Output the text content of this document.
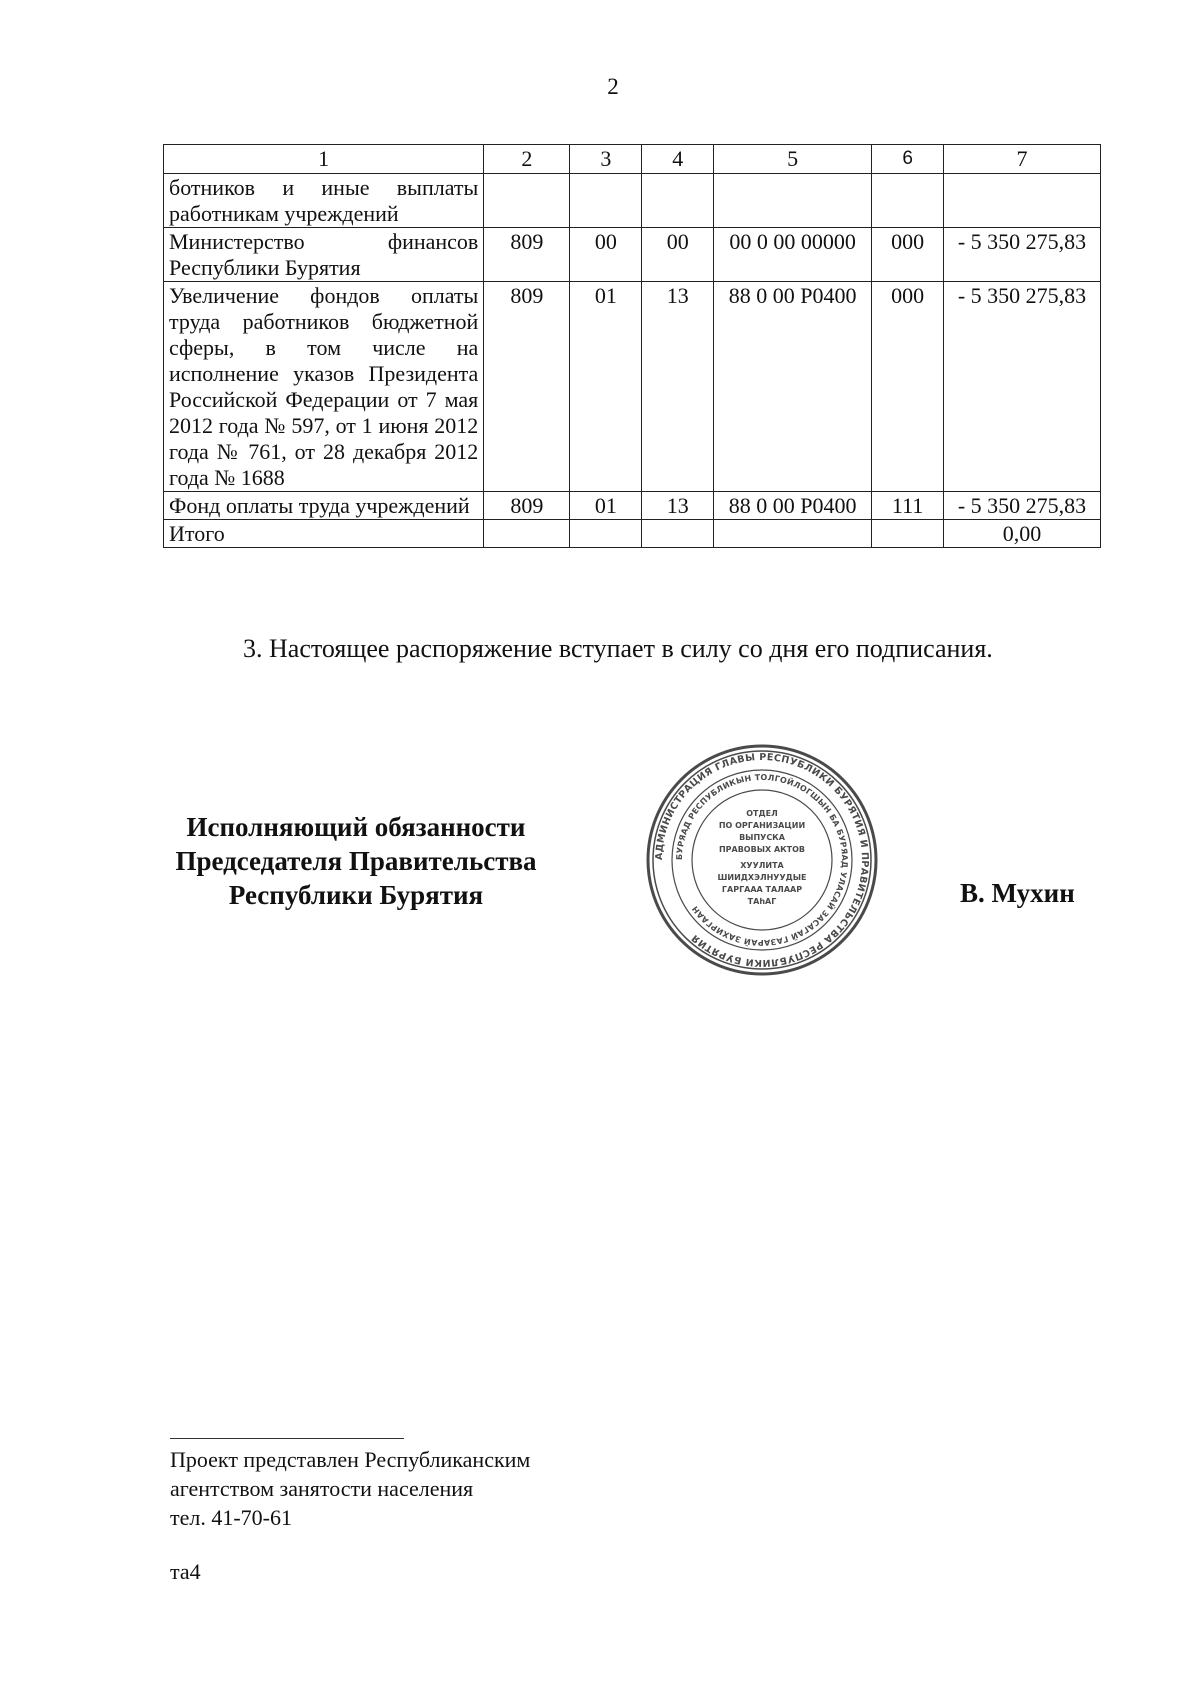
2
1	2	3	4	5	6	7
ботников и иные выплаты работникам учреждений						
Министерство финансов Республики Бурятия	809	00	00	00 0 00 00000	000	- 5 350 275,83
Увеличение фондов оплаты труда работников бюджетной сферы, в том числе на исполнение указов Президента Российской Федерации от 7 мая 2012 года № 597, от 1 июня 2012 года № 761, от 28 декабря 2012 года № 1688	809	01	13	88 0 00 Р0400	000	- 5 350 275,83
Фонд оплаты труда учреждений	809	01	13	88 0 00 Р0400	111	- 5 350 275,83
Итого						0,00
3. Настоящее распоряжение вступает в силу со дня его подписания.
Исполняющий обязанности
Председателя Правительства
Республики Бурятия
АДМИНИСТРАЦИЯ ГЛАВЫ РЕСПУБЛИКИ БУРЯТИЯ И ПРАВИТЕЛЬСТВА РЕСПУБЛИКИ БУРЯТИЯ
БУРЯАД РЕСПУБЛИКЫН ТОЛГОЙЛОГШЫН БА БУРЯАД УЛАСАЙ ЗАСАГАЙ ГАЗАРАЙ ЗАХИРГААН
ОТДЕЛ
ПО ОРГАНИЗАЦИИ
ВЫПУСКА
ПРАВОВЫХ АКТОВ
ХУУЛИТА
ШИИДХЭЛНУУДЫЕ
ГАРГААА ТАЛААР
ТАһАГ	В. Мухин
Проект представлен Республиканским
агентством занятости населения
тел. 41-70-61
та4
